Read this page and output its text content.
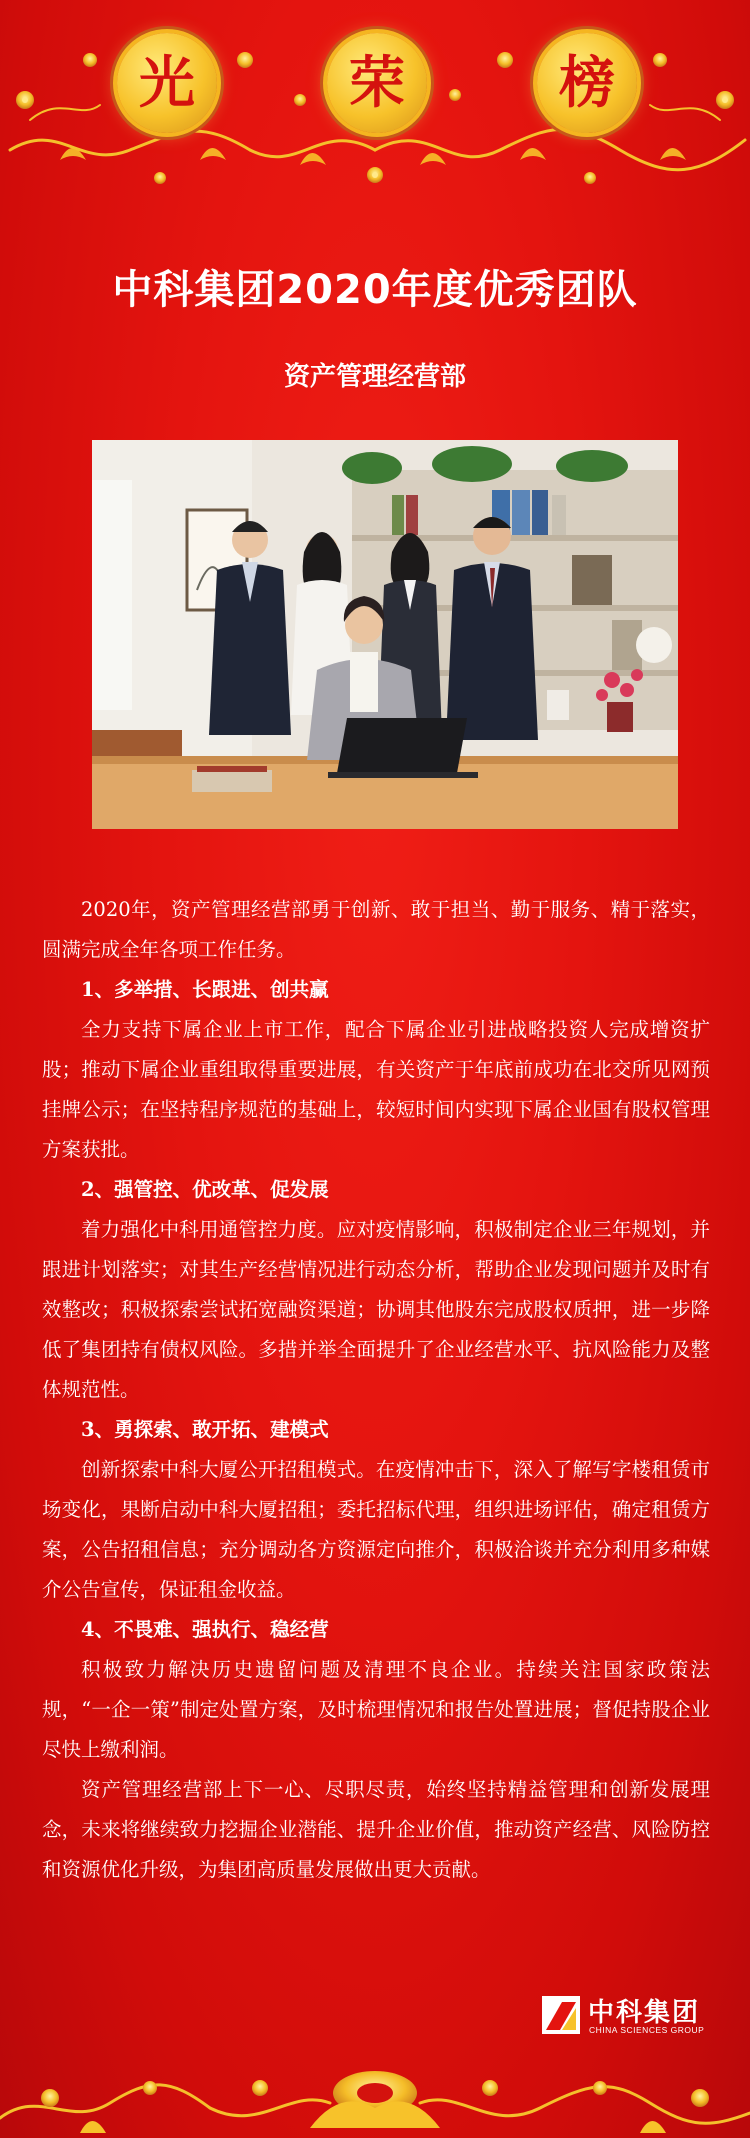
光	荣	榜
中科集团2020年度优秀团队
资产管理经营部

2020年，资产管理经营部勇于创新、敢于担当、勤于服务、精于落实，圆满完成全年各项工作任务。

1、多举措、长跟进、创共赢

全力支持下属企业上市工作，配合下属企业引进战略投资人完成增资扩股；推动下属企业重组取得重要进展，有关资产于年底前成功在北交所见网预挂牌公示；在坚持程序规范的基础上，较短时间内实现下属企业国有股权管理方案获批。

2、强管控、优改革、促发展

着力强化中科用通管控力度。应对疫情影响，积极制定企业三年规划，并跟进计划落实；对其生产经营情况进行动态分析，帮助企业发现问题并及时有效整改；积极探索尝试拓宽融资渠道；协调其他股东完成股权质押，进一步降低了集团持有债权风险。多措并举全面提升了企业经营水平、抗风险能力及整体规范性。

3、勇探索、敢开拓、建模式

创新探索中科大厦公开招租模式。在疫情冲击下，深入了解写字楼租赁市场变化，果断启动中科大厦招租；委托招标代理，组织进场评估，确定租赁方案，公告招租信息；充分调动各方资源定向推介，积极洽谈并充分利用多种媒介公告宣传，保证租金收益。

4、不畏难、强执行、稳经营

积极致力解决历史遗留问题及清理不良企业。持续关注国家政策法规，“一企一策”制定处置方案，及时梳理情况和报告处置进展；督促持股企业尽快上缴利润。

资产管理经营部上下一心、尽职尽责，始终坚持精益管理和创新发展理念，未来将继续致力挖掘企业潜能、提升企业价值，推动资产经营、风险防控和资源优化升级，为集团高质量发展做出更大贡献。

中科集团
CHINA SCIENCES GROUP
